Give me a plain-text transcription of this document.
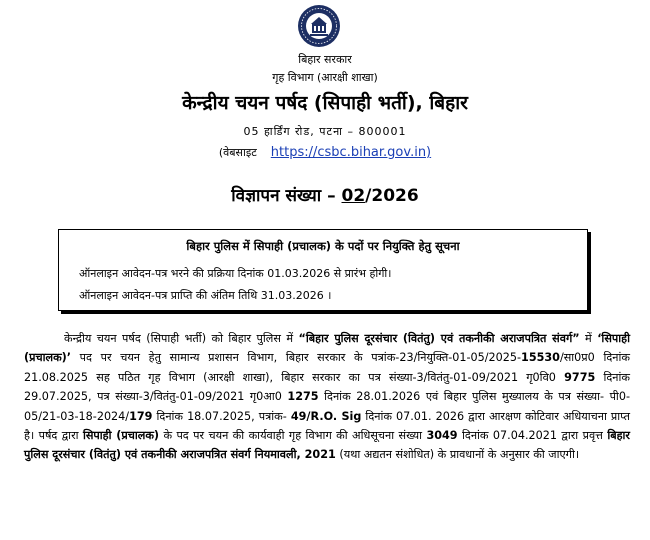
बिहार सरकार
गृह विभाग (आरक्षी शाखा)
केन्द्रीय चयन पर्षद (सिपाही भर्ती), बिहार
05 हार्डिंग रोड, पटना – 800001
(वेबसाइट https://csbc.bihar.gov.in)
विज्ञापन संख्या – 02/2026
बिहार पुलिस में सिपाही (प्रचालक) के पदों पर नियुक्ति हेतु सूचना
ऑनलाइन आवेदन-पत्र भरने की प्रक्रिया दिनांक 01.03.2026 से प्रारंभ होगी।
ऑनलाइन आवेदन-पत्र प्राप्ति की अंतिम तिथि 31.03.2026 ।
केन्द्रीय चयन पर्षद (सिपाही भर्ती) को बिहार पुलिस में “बिहार पुलिस दूरसंचार (वितंतु) एवं तकनीकी अराजपत्रित संवर्ग” में ‘सिपाही (प्रचालक)’ पद पर चयन हेतु सामान्य प्रशासन विभाग, बिहार सरकार के पत्रांक-23/नियुक्ति-01-05/2025-15530/सा0प्र0 दिनांक 21.08.2025 सह पठित गृह विभाग (आरक्षी शाखा), बिहार सरकार का पत्र संख्या-3/वितंतु-01-09/2021 गृ0वि0 9775 दिनांक 29.07.2025, पत्र संख्या-3/वितंतु-01-09/2021 गृ0आ0 1275 दिनांक 28.01.2026 एवं बिहार पुलिस मुख्यालय के पत्र संख्या- पी0-05/21-03-18-2024/179 दिनांक 18.07.2025, पत्रांक- 49/R.O. Sig दिनांक 07.01. 2026 द्वारा आरक्षण कोटिवार अधियाचना प्राप्त है। पर्षद द्वारा सिपाही (प्रचालक) के पद पर चयन की कार्यवाही गृह विभाग की अधिसूचना संख्या 3049 दिनांक 07.04.2021 द्वारा प्रवृत्त बिहार पुलिस दूरसंचार (वितंतु) एवं तकनीकी अराजपत्रित संवर्ग नियमावली, 2021 (यथा अद्यतन संशोधित) के प्रावधानों के अनुसार की जाएगी।
